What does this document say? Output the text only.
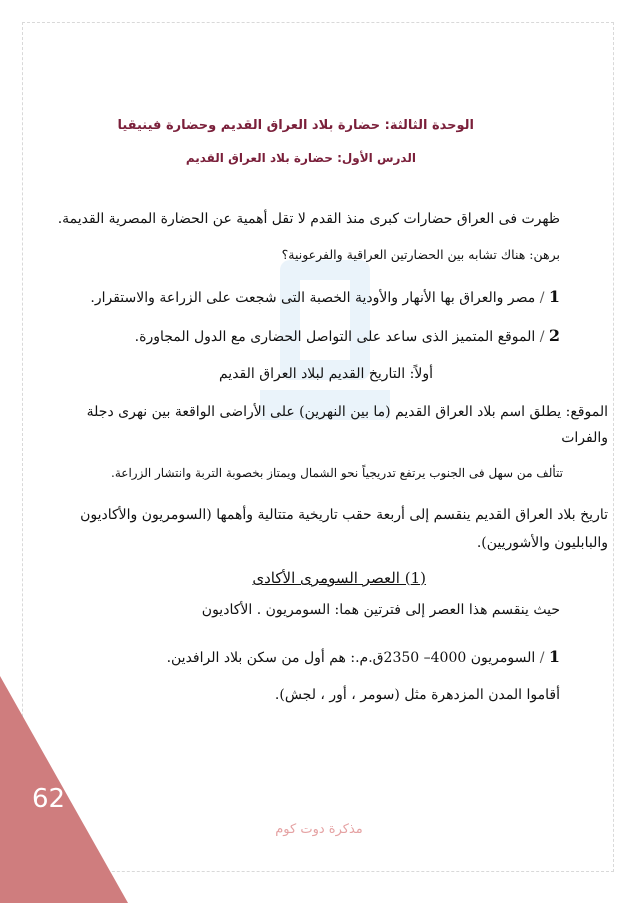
الوحدة الثالثة: حضارة بلاد العراق القديم وحضارة فينيقيا
الدرس الأول: حضارة بلاد العراق القديم
ظهرت فى العراق حضارات كبرى منذ القدم لا تقل أهمية عن الحضارة المصرية القديمة.
برهن: هناك تشابه بين الحضارتين العراقية والفرعونية؟
1 / مصر والعراق بها الأنهار والأودية الخصبة التى شجعت على الزراعة والاستقرار.
2 / الموقع المتميز الذى ساعد على التواصل الحضارى مع الدول المجاورة.
أولاً: التاريخ القديم لبلاد العراق القديم
الموقع: يطلق اسم بلاد العراق القديم (ما بين النهرين) على الأراضى الواقعة بين نهرى دجلة
والفرات
تتألف من سهل فى الجنوب يرتفع تدريجياً نحو الشمال ويمتاز بخصوبة التربة وانتشار الزراعة.
تاريخ بلاد العراق القديم ينقسم إلى أربعة حقب تاريخية متتالية وأهمها (السومريون والأكاديون
والبابليون والأشوريين).
(1) العصر السومرى الأكادى
حيث ينقسم هذا العصر إلى فترتين هما: السومريون . الأكاديون
1 / السومريون 4000– 2350ق.م.: هم أول من سكن بلاد الرافدين.
أقاموا المدن المزدهرة مثل (سومر ، أور ، لجش).
62
مذكرة دوت كوم
